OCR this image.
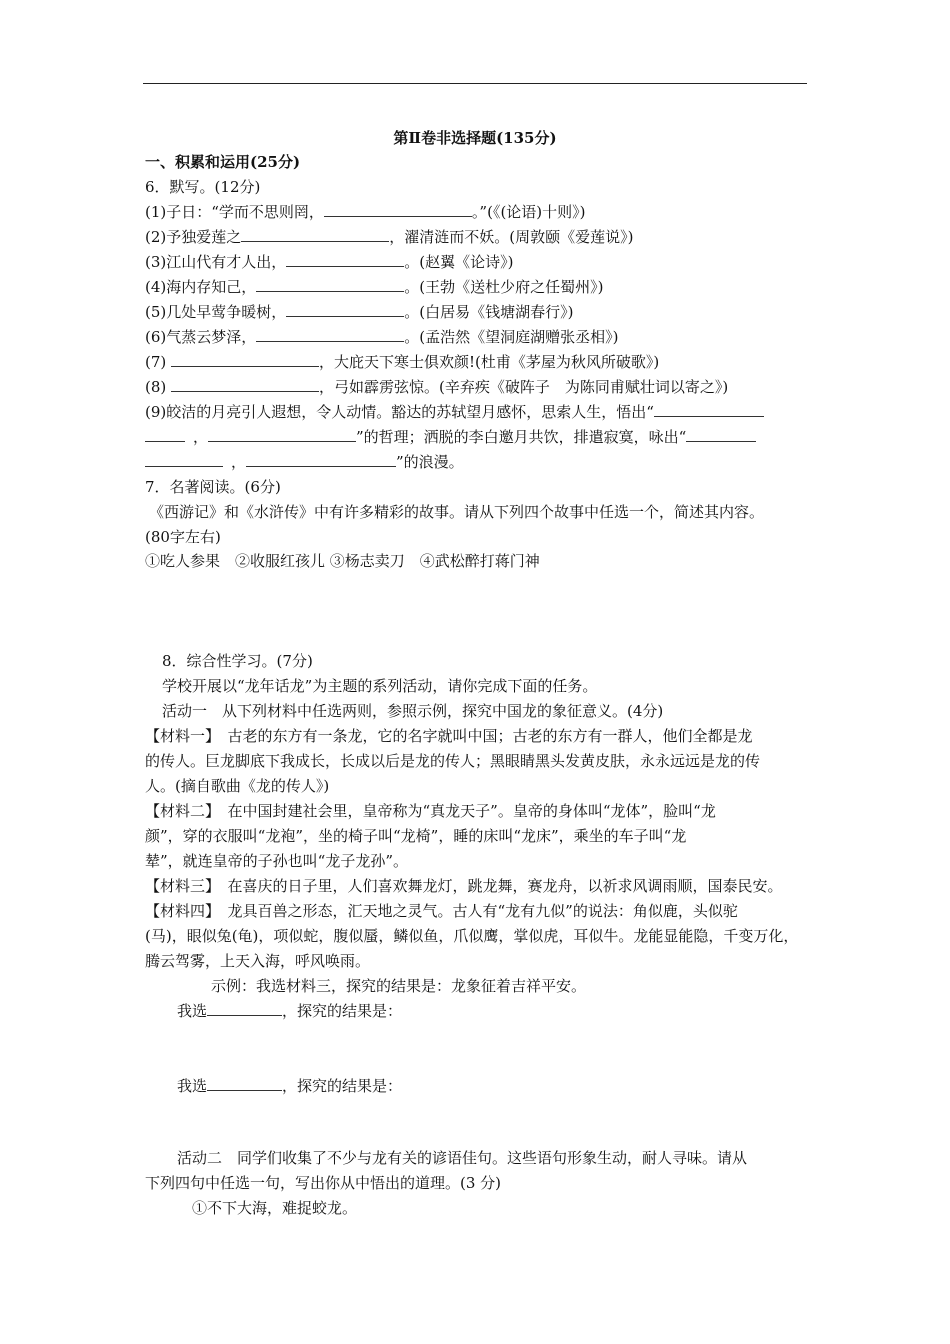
第Ⅱ卷非选择题(135分)
一、积累和运用(25分)
6．默写。(12分)
(1)子日：“学而不思则罔，	。”(《(论语)十则》)
(2)予独爱莲之	，濯清涟而不妖。(周敦颐《爱莲说》)
(3)江山代有才人出，	。(赵翼《论诗》)
(4)海内存知己，	。(王勃《送杜少府之任蜀州》)
(5)几处早莺争暖树，	。(白居易《钱塘湖春行》)
(6)气蒸云梦泽，	。(孟浩然《望洞庭湖赠张丞相》)
(7)	，大庇天下寒士俱欢颜!(杜甫《茅屋为秋风所破歌》)
(8)	，弓如霹雳弦惊。(辛弃疾《破阵子　为陈同甫赋壮词以寄之》)
(9)皎洁的月亮引人遐想，令人动情。豁达的苏轼望月感怀，思索人生，悟出“
，	”的哲理；洒脱的李白邀月共饮，排遣寂寞，咏出“
，	”的浪漫。
7．名著阅读。(6分)
《西游记》和《水浒传》中有许多精彩的故事。请从下列四个故事中任选一个，简述其内容。
(80字左右)
①吃人参果　②收服红孩儿 ③杨志卖刀　④武松醉打蒋门神
8．综合性学习。(7分)
学校开展以“龙年话龙”为主题的系列活动，请你完成下面的任务。
活动一　从下列材料中任选两则，参照示例，探究中国龙的象征意义。(4分)
【材料一】　古老的东方有一条龙，它的名字就叫中国；古老的东方有一群人，他们全都是龙
的传人。巨龙脚底下我成长，长成以后是龙的传人；黑眼睛黑头发黄皮肤，永永远远是龙的传
人。(摘自歌曲《龙的传人》)
【材料二】　在中国封建社会里，皇帝称为“真龙天子”。皇帝的身体叫“龙体”，脸叫“龙
颜”，穿的衣服叫“龙袍”，坐的椅子叫“龙椅”，睡的床叫“龙床”，乘坐的车子叫“龙
辇”，就连皇帝的子孙也叫“龙子龙孙”。
【材料三】　在喜庆的日子里，人们喜欢舞龙灯，跳龙舞，赛龙舟，以祈求风调雨顺，国泰民安。
【材料四】　龙具百兽之形态，汇天地之灵气。古人有“龙有九似”的说法：角似鹿，头似驼
(马)，眼似兔(龟)，项似蛇，腹似蜃，鳞似鱼，爪似鹰，掌似虎，耳似牛。龙能显能隐，千变万化，
腾云驾雾，上天入海，呼风唤雨。
示例：我选材料三，探究的结果是：龙象征着吉祥平安。
我选	，探究的结果是：
我选	，探究的结果是：
活动二　同学们收集了不少与龙有关的谚语佳句。这些语句形象生动，耐人寻味。请从
下列四句中任选一句，写出你从中悟出的道理。(3 分)
①不下大海，难捉蛟龙。
